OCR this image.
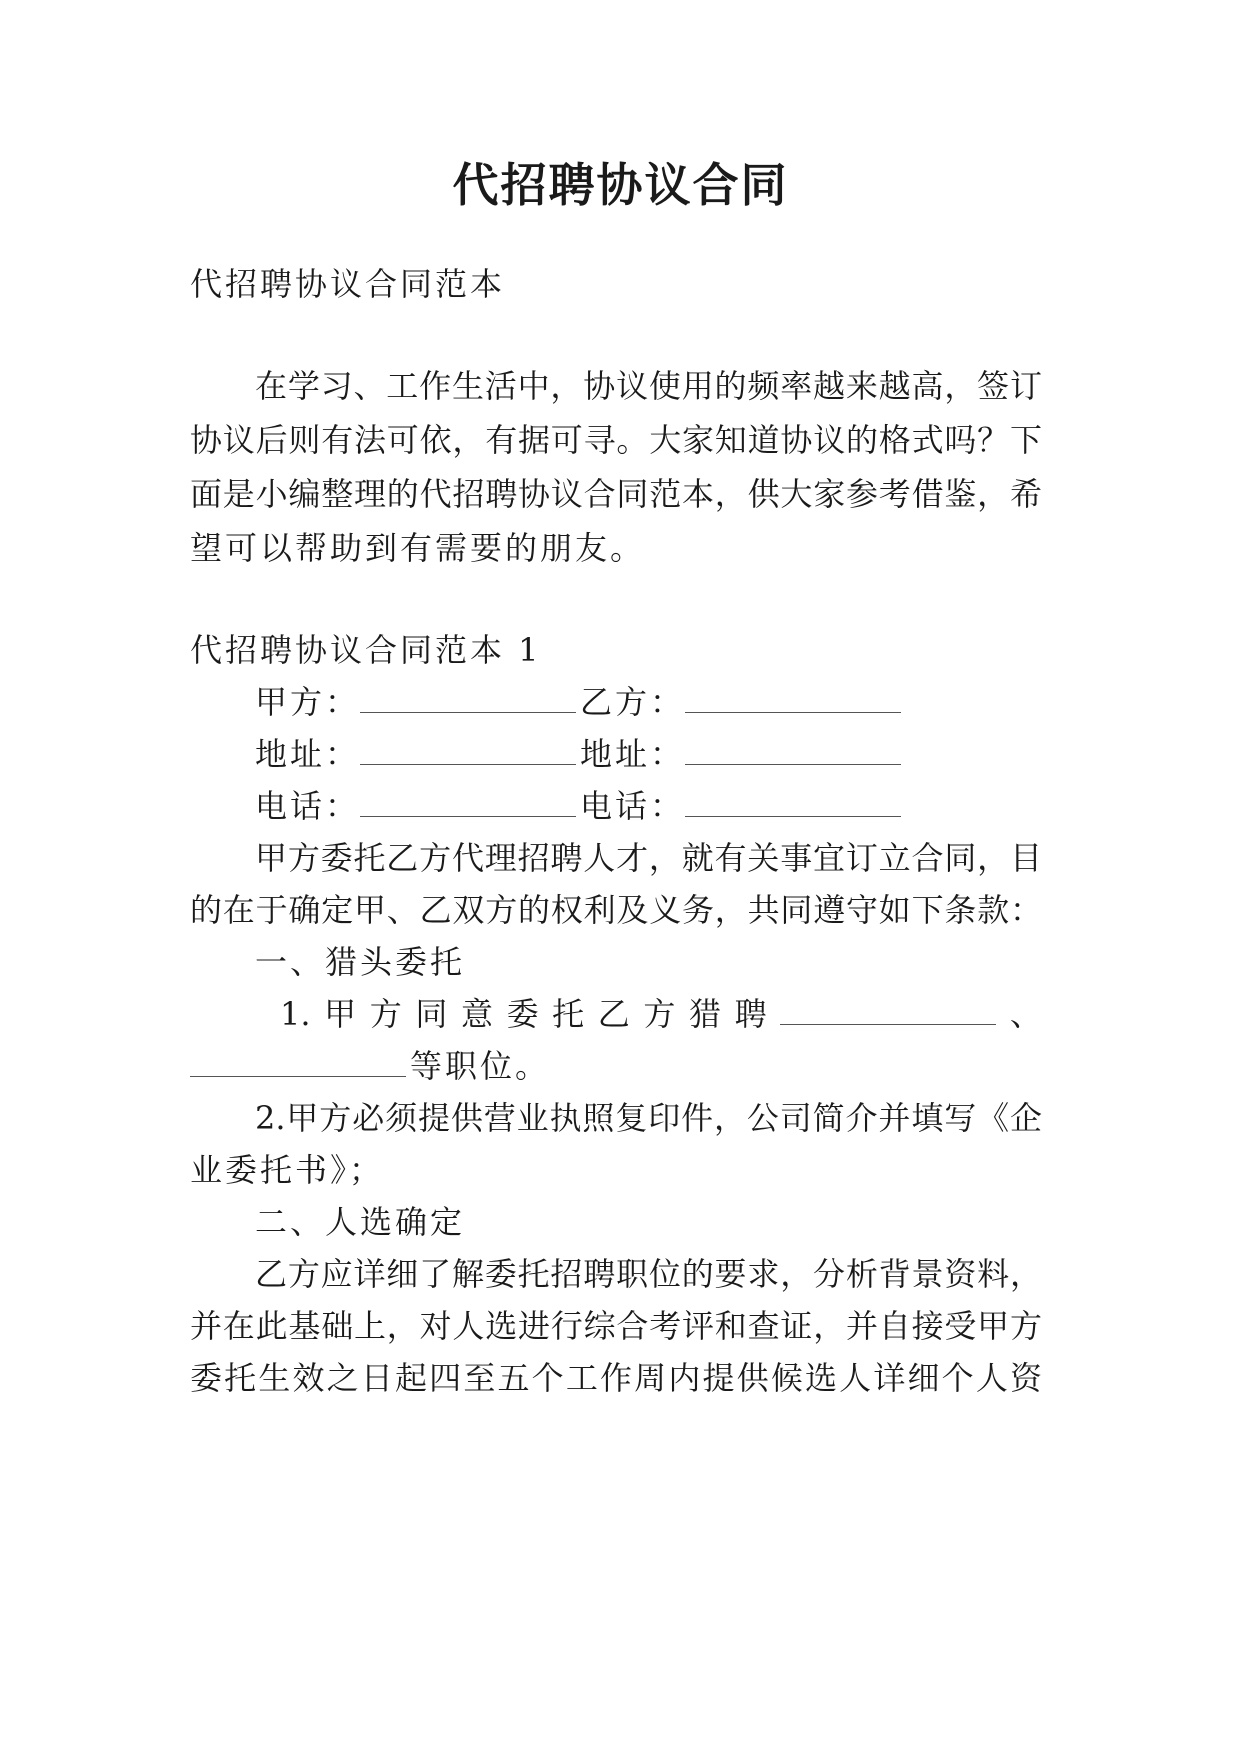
代招聘协议合同
代招聘协议合同范本
在学习、工作生活中，协议使用的频率越来越高，签订
协议后则有法可依，有据可寻。大家知道协议的格式吗？下
面是小编整理的代招聘协议合同范本，供大家参考借鉴，希
望可以帮助到有需要的朋友。
代招聘协议合同范本 1
甲方：	乙方：
地址：	地址：
电话：	电话：
甲方委托乙方代理招聘人才，就有关事宜订立合同，目
的在于确定甲、乙双方的权利及义务，共同遵守如下条款：
一、猎头委托
1. 甲 方 同 意 委 托 乙 方 猎 聘	、
等职位。
2.甲方必须提供营业执照复印件，公司简介并填写《企
业委托书》；
二、人选确定
乙方应详细了解委托招聘职位的要求，分析背景资料，
并在此基础上，对人选进行综合考评和查证，并自接受甲方
委托生效之日起四至五个工作周内提供候选人详细个人资
